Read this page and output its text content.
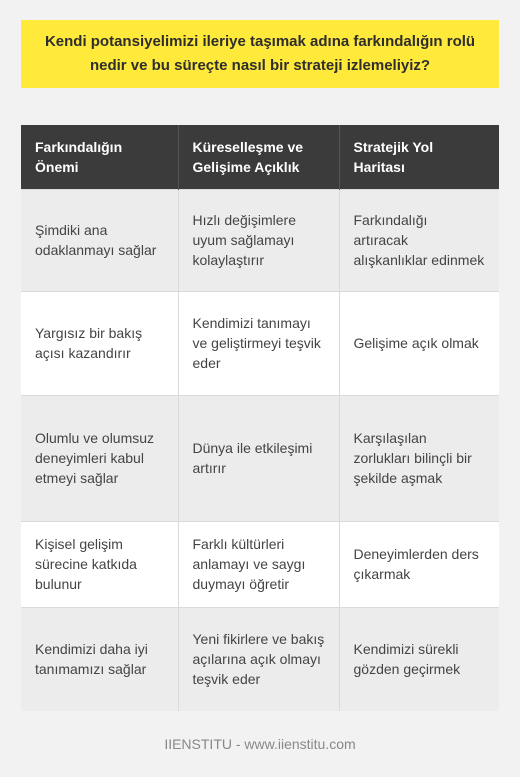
Kendi potansiyelimizi ileriye taşımak adına farkındalığın rolü nedir ve bu süreçte nasıl bir strateji izlemeliyiz?
Farkındalığın Önemi	Küreselleşme ve Gelişime Açıklık	Stratejik Yol Haritası
Şimdiki ana odaklanmayı sağlar	Hızlı değişimlere uyum sağlamayı kolaylaştırır	Farkındalığı artıracak alışkanlıklar edinmek
Yargısız bir bakış açısı kazandırır	Kendimizi tanımayı ve geliştirmeyi teşvik eder	Gelişime açık olmak
Olumlu ve olumsuz deneyimleri kabul etmeyi sağlar	Dünya ile etkileşimi artırır	Karşılaşılan zorlukları bilinçli bir şekilde aşmak
Kişisel gelişim sürecine katkıda bulunur	Farklı kültürleri anlamayı ve saygı duymayı öğretir	Deneyimlerden ders çıkarmak
Kendimizi daha iyi tanımamızı sağlar	Yeni fikirlere ve bakış açılarına açık olmayı teşvik eder	Kendimizi sürekli gözden geçirmek
IIENSTITU - www.iienstitu.com
